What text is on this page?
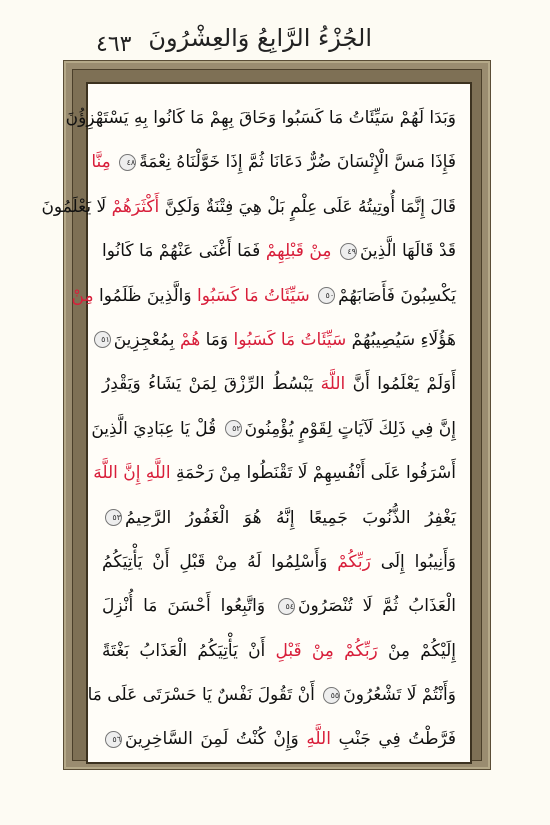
٤٦٣ الجُزْءُ الرَّابِعُ وَالعِشْرُونَ
وَبَدَا لَهُمْ سَيِّئَاتُ مَا كَسَبُوا وَحَاقَ بِهِمْ مَا كَانُوا بِهِ يَسْتَهْزِؤُنَ
فَإِذَا مَسَّ الْإِنْسَانَ ضُرٌّ دَعَانَا ثُمَّ إِذَا خَوَّلْنَاهُ نِعْمَةً٤٨ مِنَّا
قَالَ إِنَّمَا أُوتِيتُهُ عَلَى عِلْمٍ بَلْ هِيَ فِتْنَةٌ وَلَكِنَّ أَكْثَرَهُمْ لَا يَعْلَمُونَ
قَدْ قَالَهَا الَّذِينَ٤٩ مِنْ قَبْلِهِمْ فَمَا أَغْنَى عَنْهُمْ مَا كَانُوا
يَكْسِبُونَ فَأَصَابَهُمْ٥٠ سَيِّئَاتُ مَا كَسَبُوا وَالَّذِينَ ظَلَمُوا مِنْ
هَؤُلَاءِ سَيُصِيبُهُمْ سَيِّئَاتُ مَا كَسَبُوا وَمَا هُمْ بِمُعْجِزِينَ٥١
أَوَلَمْ يَعْلَمُوا أَنَّ اللَّهَ يَبْسُطُ الرِّزْقَ لِمَنْ يَشَاءُ وَيَقْدِرُ
إِنَّ فِي ذَلِكَ لَآيَاتٍ لِقَوْمٍ يُؤْمِنُونَ٥٢ قُلْ يَا عِبَادِيَ الَّذِينَ
أَسْرَفُوا عَلَى أَنْفُسِهِمْ لَا تَقْنَطُوا مِنْ رَحْمَةِ اللَّهِ إِنَّ اللَّهَ
يَغْفِرُ الذُّنُوبَ جَمِيعًا إِنَّهُ هُوَ الْغَفُورُ الرَّحِيمُ٥٣
وَأَنِيبُوا إِلَى رَبِّكُمْ وَأَسْلِمُوا لَهُ مِنْ قَبْلِ أَنْ يَأْتِيَكُمُ
الْعَذَابُ ثُمَّ لَا تُنْصَرُونَ٥٤ وَاتَّبِعُوا أَحْسَنَ مَا أُنْزِلَ
إِلَيْكُمْ مِنْ رَبِّكُمْ مِنْ قَبْلِ أَنْ يَأْتِيَكُمُ الْعَذَابُ بَغْتَةً
وَأَنْتُمْ لَا تَشْعُرُونَ٥٥ أَنْ تَقُولَ نَفْسٌ يَا حَسْرَتَى عَلَى مَا
فَرَّطْتُ فِي جَنْبِ اللَّهِ وَإِنْ كُنْتُ لَمِنَ السَّاخِرِينَ٥٦
